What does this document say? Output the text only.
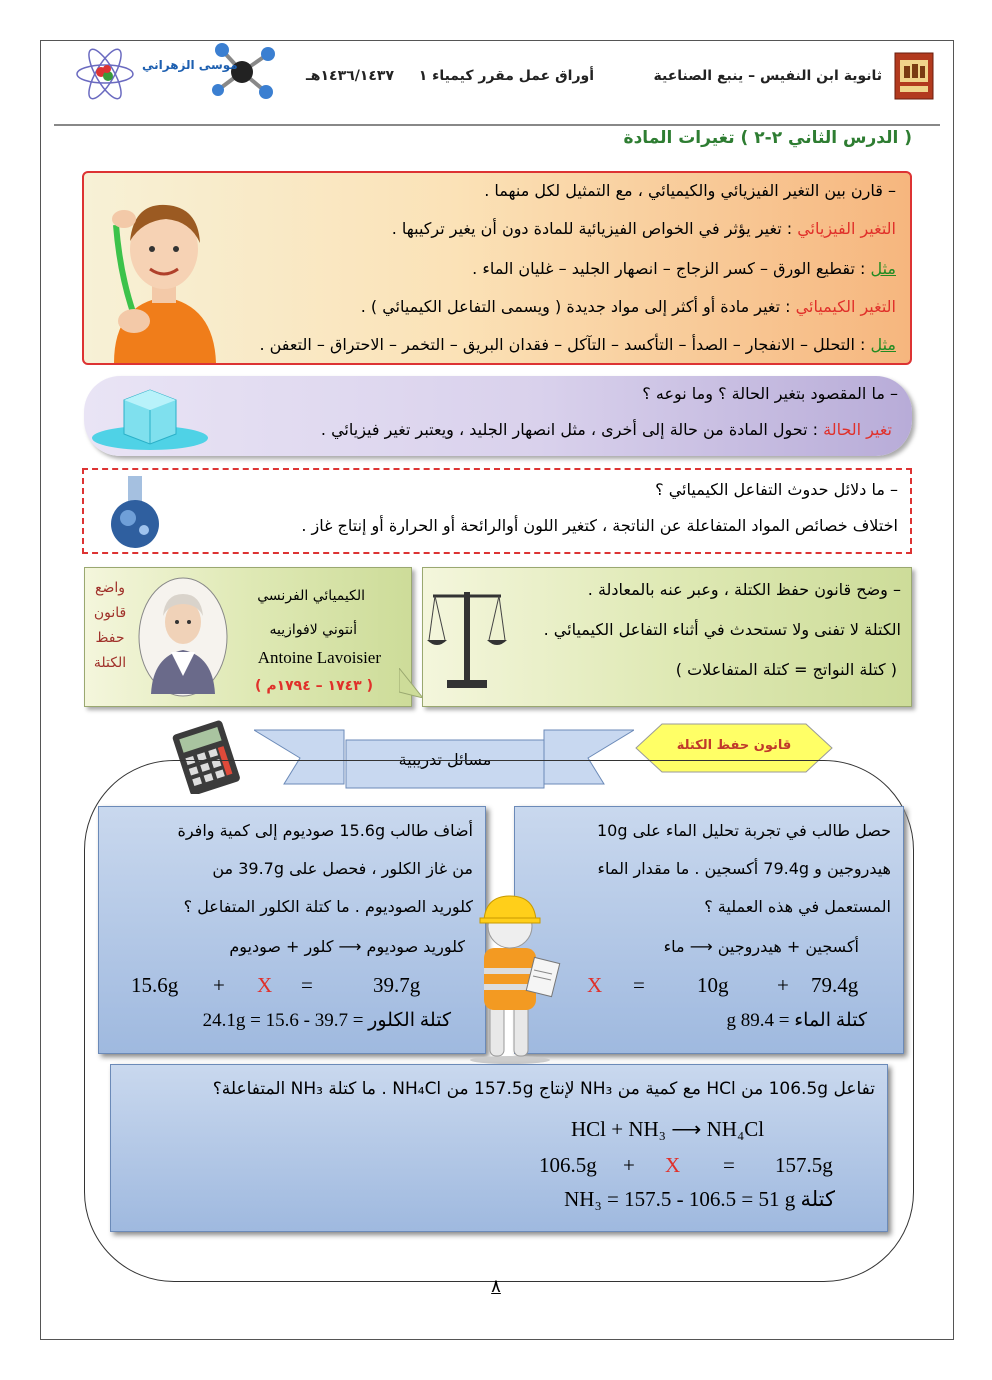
ثانوية ابن النفيس – ينبع الصناعية
أوراق عمل مقرر كيمياء ١
١٤٣٦/١٤٣٧هـ
موسى الزهراني
( الدرس الثاني ٢-٢ ) تغيرات المادة
– قارن بين التغير الفيزيائي والكيميائي ، مع التمثيل لكل منهما .
التغير الفيزيائي : تغير يؤثر في الخواص الفيزيائية للمادة دون أن يغير تركيبها .
مثل : تقطيع الورق – كسر الزجاج – انصهار الجليد – غليان الماء .
التغير الكيميائي : تغير مادة أو أكثر إلى مواد جديدة ( ويسمى التفاعل الكيميائي ) .
مثل : التحلل – الانفجار – الصدأ – التأكسد – التآكل – فقدان البريق – التخمر – الاحتراق – التعفن .
– ما المقصود بتغير الحالة ؟ وما نوعه ؟
تغير الحالة : تحول المادة من حالة إلى أخرى ، مثل انصهار الجليد ، ويعتبر تغير فيزيائي .
– ما دلائل حدوث التفاعل الكيميائي ؟
اختلاف خصائص المواد المتفاعلة عن الناتجة ، كتغير اللون أوالرائحة أو الحرارة أو إنتاج غاز .
– وضح قانون حفظ الكتلة ، وعبر عنه بالمعادلة .
الكتلة لا تفنى ولا تستحدث في أثناء التفاعل الكيميائي .
( كتلة النواتج = كتلة المتفاعلات )
واضع
قانون
حفظ
الكتلة
الكيميائي الفرنسي
أنتوني لافوازييه
Antoine Lavoisier
( ١٧٤٣ – ١٧٩٤م )
مسائل تدريبية
قانون حفظ الكتلة
حصل طالب في تجربة تحليل الماء على 10g
هيدروجين و 79.4g أكسجين . ما مقدار الماء
المستعمل في هذه العملية ؟
أكسجين + هيدروجين ⟶ ماء
79.4g
+
10g
=
X
كتلة الماء = 89.4 g
أضاف طالب 15.6g صوديوم إلى كمية وافرة
من غاز الكلور ، فحصل على 39.7g من
كلوريد الصوديوم . ما كتلة الكلور المتفاعل ؟
كلوريد صوديوم ⟶ كلور + صوديوم
39.7g
=
X
+
15.6g
كتلة الكلور = 39.7 - 15.6 = 24.1g
تفاعل 106.5g من HCl مع كمية من NH₃ لإنتاج 157.5g من NH₄Cl . ما كتلة NH₃ المتفاعلة؟
HCl + NH₃ ⟶ NH₄Cl
106.5g + X = 157.5g
كتلة NH₃ = 157.5 - 106.5 = 51 g
٨
